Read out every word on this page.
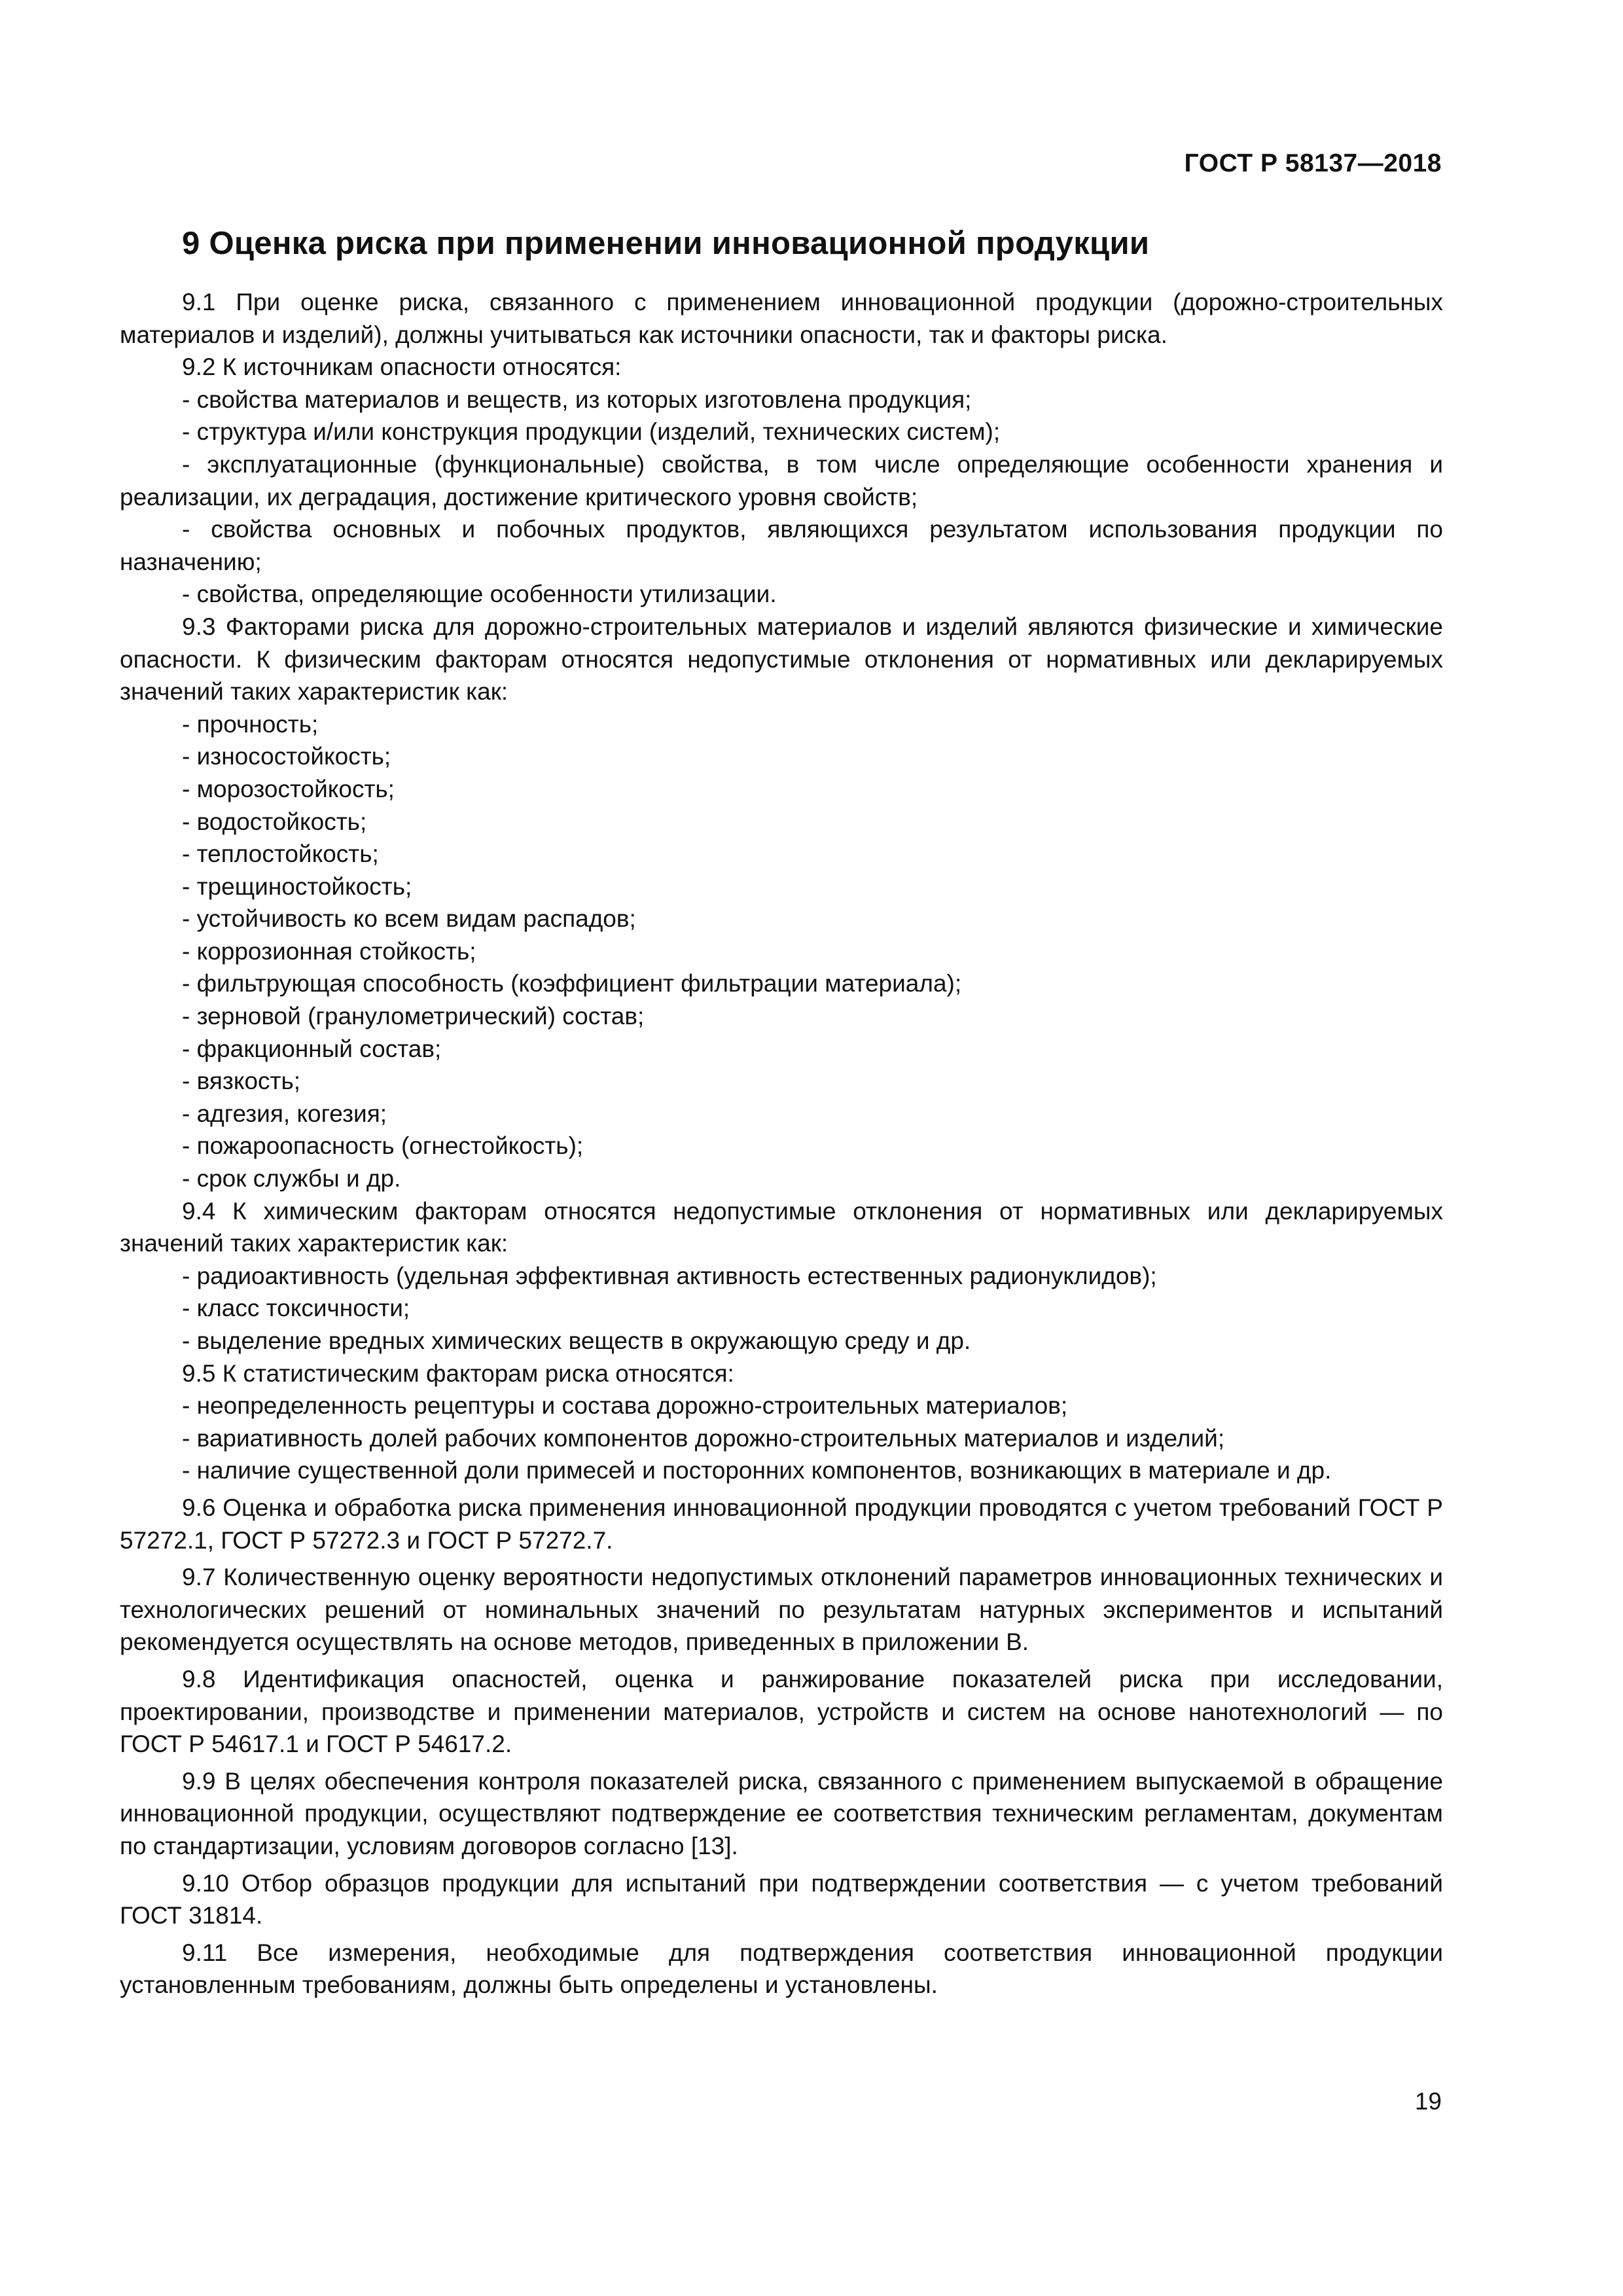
ГОСТ Р 58137—2018
9 Оценка риска при применении инновационной продукции

9.1 При оценке риска, связанного с применением инновационной продукции (дорожно-строительных материалов и изделий), должны учитываться как источники опасности, так и факторы риска.

9.2 К источникам опасности относятся:

- свойства материалов и веществ, из которых изготовлена продукция;

- структура и/или конструкция продукции (изделий, технических систем);

- эксплуатационные (функциональные) свойства, в том числе определяющие особенности хранения и реализации, их деградация, достижение критического уровня свойств;

- свойства основных и побочных продуктов, являющихся результатом использования продукции по назначению;

- свойства, определяющие особенности утилизации.

9.3 Факторами риска для дорожно-строительных материалов и изделий являются физические и химические опасности. К физическим факторам относятся недопустимые отклонения от нормативных или декларируемых значений таких характеристик как:

- прочность;

- износостойкость;

- морозостойкость;

- водостойкость;

- теплостойкость;

- трещиностойкость;

- устойчивость ко всем видам распадов;

- коррозионная стойкость;

- фильтрующая способность (коэффициент фильтрации материала);

- зерновой (гранулометрический) состав;

- фракционный состав;

- вязкость;

- адгезия, когезия;

- пожароопасность (огнестойкость);

- срок службы и др.

9.4 К химическим факторам относятся недопустимые отклонения от нормативных или декларируемых значений таких характеристик как:

- радиоактивность (удельная эффективная активность естественных радионуклидов);

- класс токсичности;

- выделение вредных химических веществ в окружающую среду и др.

9.5 К статистическим факторам риска относятся:

- неопределенность рецептуры и состава дорожно-строительных материалов;

- вариативность долей рабочих компонентов дорожно-строительных материалов и изделий;

- наличие существенной доли примесей и посторонних компонентов, возникающих в материале и др.

9.6 Оценка и обработка риска применения инновационной продукции проводятся с учетом требований ГОСТ Р 57272.1, ГОСТ Р 57272.3 и ГОСТ Р 57272.7.

9.7 Количественную оценку вероятности недопустимых отклонений параметров инновационных технических и технологических решений от номинальных значений по результатам натурных экспериментов и испытаний рекомендуется осуществлять на основе методов, приведенных в приложении В.

9.8 Идентификация опасностей, оценка и ранжирование показателей риска при исследовании, проектировании, производстве и применении материалов, устройств и систем на основе нанотехнологий — по ГОСТ Р 54617.1 и ГОСТ Р 54617.2.

9.9 В целях обеспечения контроля показателей риска, связанного с применением выпускаемой в обращение инновационной продукции, осуществляют подтверждение ее соответствия техническим регламентам, документам по стандартизации, условиям договоров согласно [13].

9.10 Отбор образцов продукции для испытаний при подтверждении соответствия — с учетом требований ГОСТ 31814.

9.11 Все измерения, необходимые для подтверждения соответствия инновационной продукции установленным требованиям, должны быть определены и установлены.

19
